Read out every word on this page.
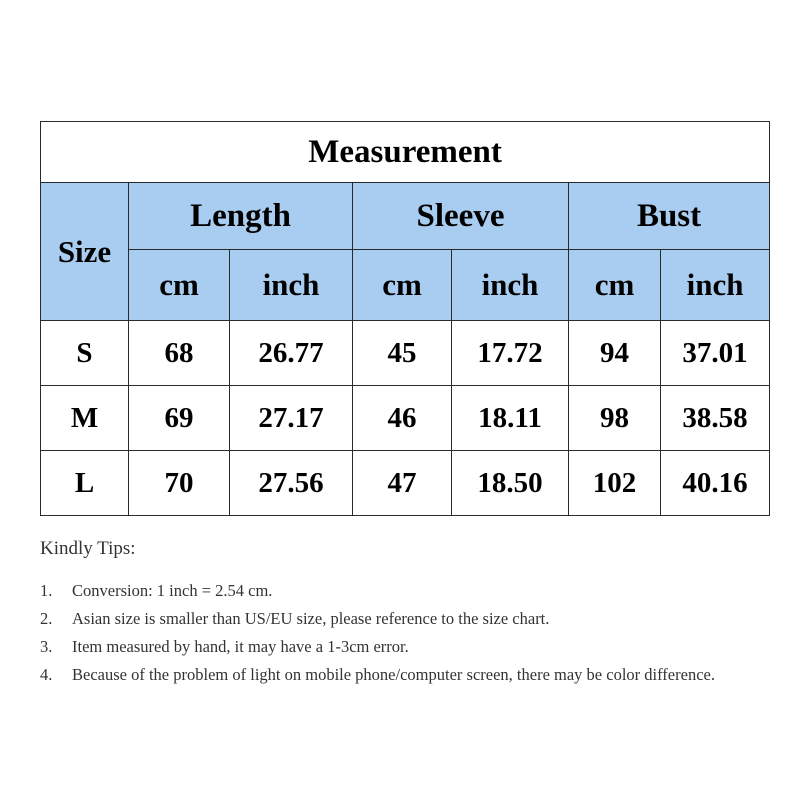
Measurement						
Size	Length		Sleeve		Bust	
	cm	inch	cm	inch	cm	inch
S	68	26.77	45	17.72	94	37.01
M	69	27.17	46	18.11	98	38.58
L	70	27.56	47	18.50	102	40.16
Kindly Tips:
1. Conversion: 1 inch = 2.54 cm.
2. Asian size is smaller than US/EU size, please reference to the size chart.
3. Item measured by hand, it may have a 1-3cm error.
4. Because of the problem of light on mobile phone/computer screen, there may be color difference.
